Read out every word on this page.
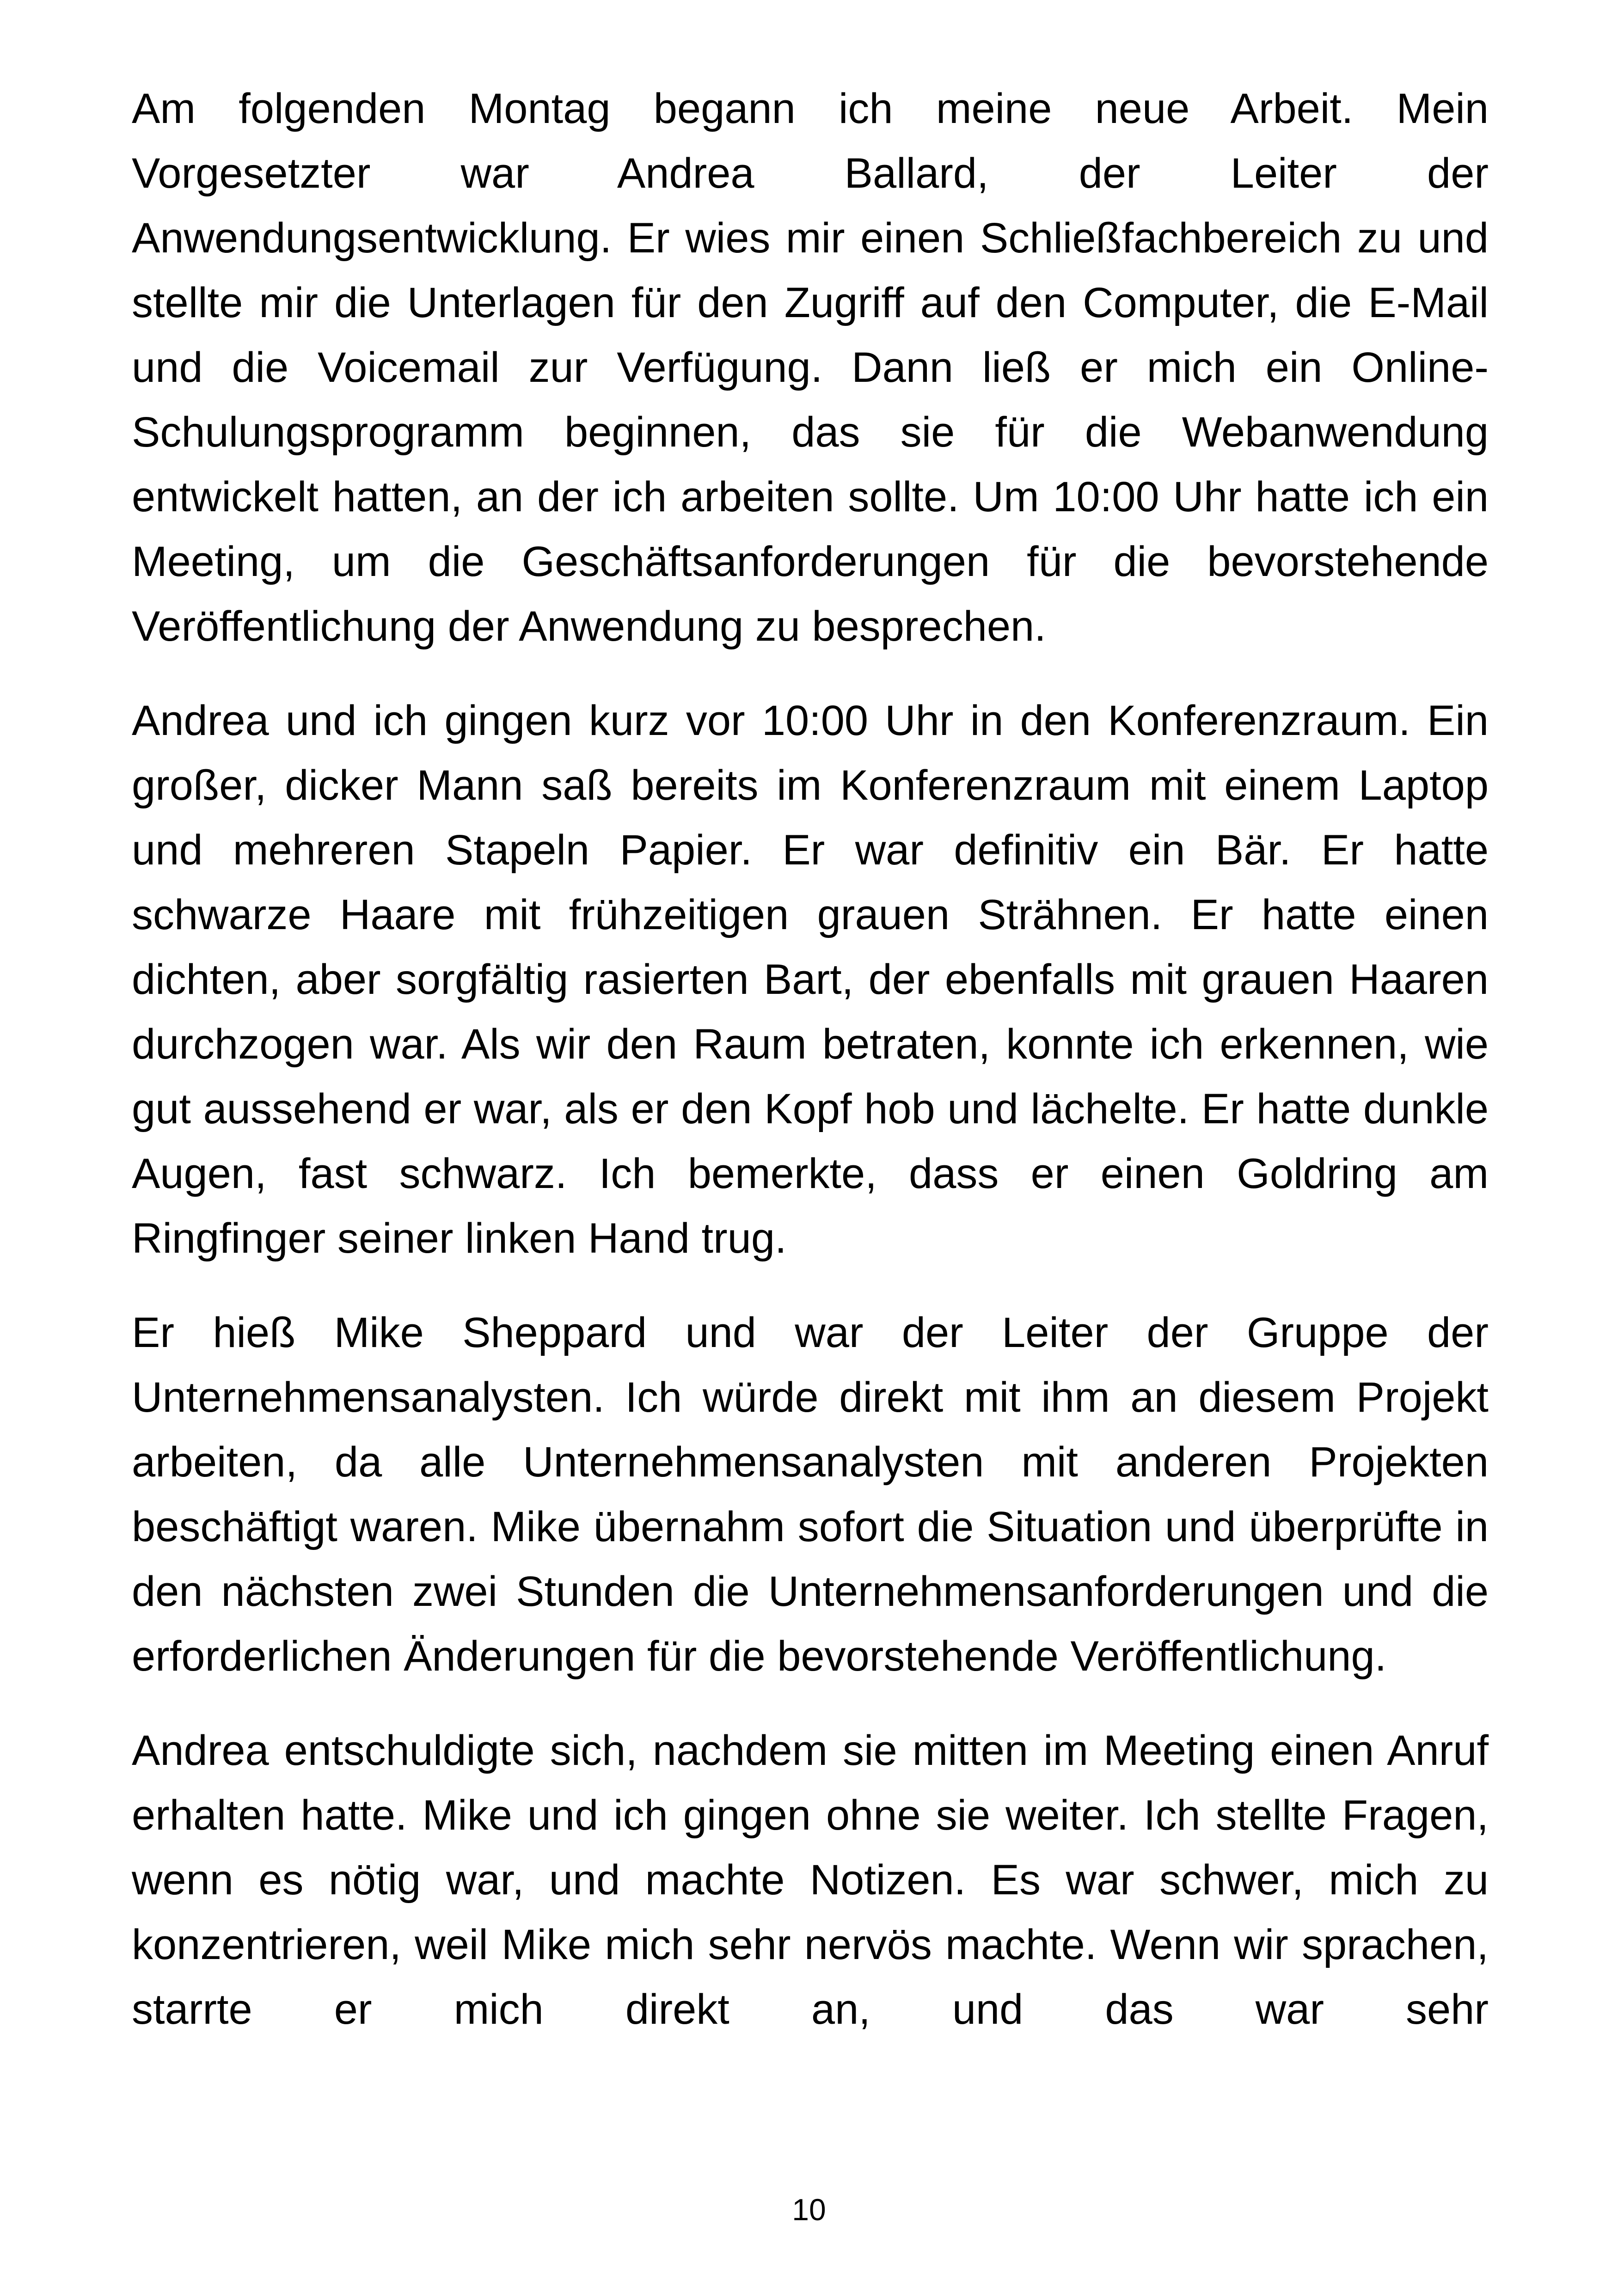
Am folgenden Montag begann ich meine neue Arbeit. Mein Vorgesetzter war Andrea Ballard, der Leiter der Anwendungsentwicklung. Er wies mir einen Schließfachbereich zu und stellte mir die Unterlagen für den Zugriff auf den Computer, die E-Mail und die Voicemail zur Verfügung. Dann ließ er mich ein Online-Schulungsprogramm beginnen, das sie für die Webanwendung entwickelt hatten, an der ich arbeiten sollte. Um 10:00 Uhr hatte ich ein Meeting, um die Geschäftsanforderungen für die bevorstehende Veröffentlichung der Anwendung zu besprechen.

Andrea und ich gingen kurz vor 10:00 Uhr in den Konferenzraum. Ein großer, dicker Mann saß bereits im Konferenzraum mit einem Laptop und mehreren Stapeln Papier. Er war definitiv ein Bär. Er hatte schwarze Haare mit frühzeitigen grauen Strähnen. Er hatte einen dichten, aber sorgfältig rasierten Bart, der ebenfalls mit grauen Haaren durchzogen war. Als wir den Raum betraten, konnte ich erkennen, wie gut aussehend er war, als er den Kopf hob und lächelte. Er hatte dunkle Augen, fast schwarz. Ich bemerkte, dass er einen Goldring am Ringfinger seiner linken Hand trug.

Er hieß Mike Sheppard und war der Leiter der Gruppe der Unternehmensanalysten. Ich würde direkt mit ihm an diesem Projekt arbeiten, da alle Unternehmensanalysten mit anderen Projekten beschäftigt waren. Mike übernahm sofort die Situation und überprüfte in den nächsten zwei Stunden die Unternehmensanforderungen und die erforderlichen Änderungen für die bevorstehende Veröffentlichung.

Andrea entschuldigte sich, nachdem sie mitten im Meeting einen Anruf erhalten hatte. Mike und ich gingen ohne sie weiter. Ich stellte Fragen, wenn es nötig war, und machte Notizen. Es war schwer, mich zu konzentrieren, weil Mike mich sehr nervös machte. Wenn wir sprachen, starrte er mich direkt an, und das war sehr

10
